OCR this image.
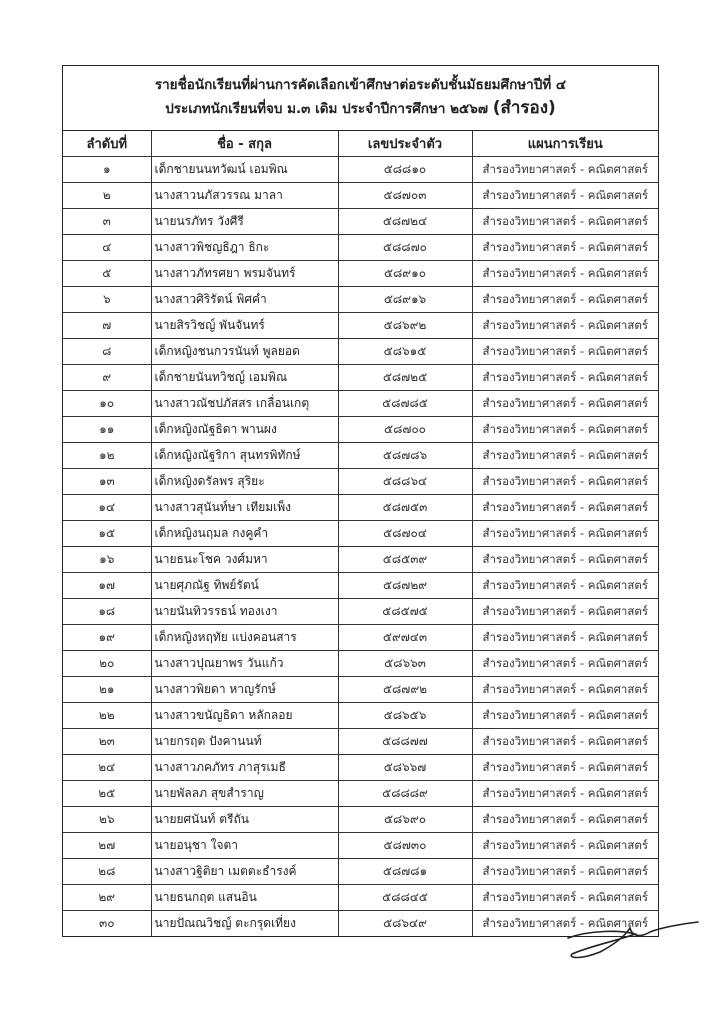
รายชื่อนักเรียนที่ผ่านการคัดเลือกเข้าศึกษาต่อระดับชั้นมัธยมศึกษาปีที่ ๔
ประเภทนักเรียนที่จบ ม.๓ เดิม ประจำปีการศึกษา ๒๕๖๗ (สำรอง)
ลำดับที่	ชื่อ - สกุล	เลขประจำตัว	แผนการเรียน
๑	เด็กชายนนทวัฒน์ เอมพิณ	๕๘๘๑๐	สำรองวิทยาศาสตร์ - คณิตศาสตร์
๒	นางสาวนภัสวรรณ มาลา	๕๘๗๐๓	สำรองวิทยาศาสตร์ - คณิตศาสตร์
๓	นายนรภัทร วังศีรี	๕๘๗๒๔	สำรองวิทยาศาสตร์ - คณิตศาสตร์
๔	นางสาวพิชญธิฎา ธิกะ	๕๘๘๗๐	สำรองวิทยาศาสตร์ - คณิตศาสตร์
๕	นางสาวภัทรศยา พรมจันทร์	๕๘๙๑๐	สำรองวิทยาศาสตร์ - คณิตศาสตร์
๖	นางสาวศิริรัตน์ พิศคำ	๕๘๙๑๖	สำรองวิทยาศาสตร์ - คณิตศาสตร์
๗	นายสิรวิชญ์ พันจันทร์	๕๘๖๙๒	สำรองวิทยาศาสตร์ - คณิตศาสตร์
๘	เด็กหญิงชนกวรนันท์ พูลยอด	๕๘๖๑๕	สำรองวิทยาศาสตร์ - คณิตศาสตร์
๙	เด็กชายนันทวิชญ์ เอมพิณ	๕๘๗๒๕	สำรองวิทยาศาสตร์ - คณิตศาสตร์
๑๐	นางสาวณัชปภัสสร เกลื่อนเกตุ	๕๘๗๘๕	สำรองวิทยาศาสตร์ - คณิตศาสตร์
๑๑	เด็กหญิงณัฐธิดา พานผง	๕๘๗๐๐	สำรองวิทยาศาสตร์ - คณิตศาสตร์
๑๒	เด็กหญิงณัฐริกา สุนทรพิทักษ์	๕๘๗๘๖	สำรองวิทยาศาสตร์ - คณิตศาสตร์
๑๓	เด็กหญิงดรัลพร สุริยะ	๕๘๘๖๔	สำรองวิทยาศาสตร์ - คณิตศาสตร์
๑๔	นางสาวสุนันท์ษา เทียมเพ็ง	๕๘๗๕๓	สำรองวิทยาศาสตร์ - คณิตศาสตร์
๑๕	เด็กหญิงนฤมล กงคูคำ	๕๘๗๐๔	สำรองวิทยาศาสตร์ - คณิตศาสตร์
๑๖	นายธนะโชค วงศ์มหา	๕๘๕๓๙	สำรองวิทยาศาสตร์ - คณิตศาสตร์
๑๗	นายศุภณัฐ ทิพย์รัตน์	๕๘๗๒๙	สำรองวิทยาศาสตร์ - คณิตศาสตร์
๑๘	นายนันทิวรรธน์ ทองเงา	๕๘๕๗๕	สำรองวิทยาศาสตร์ - คณิตศาสตร์
๑๙	เด็กหญิงหฤทัย แบ่งคอนสาร	๕๙๗๔๓	สำรองวิทยาศาสตร์ - คณิตศาสตร์
๒๐	นางสาวปุณยาพร วันแก้ว	๕๘๖๖๓	สำรองวิทยาศาสตร์ - คณิตศาสตร์
๒๑	นางสาวพิยดา หาญรักษ์	๕๘๗๙๒	สำรองวิทยาศาสตร์ - คณิตศาสตร์
๒๒	นางสาวขนัญธิดา หลักลอย	๕๘๖๕๖	สำรองวิทยาศาสตร์ - คณิตศาสตร์
๒๓	นายกรฤต ปังคานนท์	๕๘๘๗๗	สำรองวิทยาศาสตร์ - คณิตศาสตร์
๒๔	นางสาวภคภัทร ภาสุรเมธี	๕๘๖๖๗	สำรองวิทยาศาสตร์ - คณิตศาสตร์
๒๕	นายพัลลภ สุขสำราญ	๕๘๘๘๙	สำรองวิทยาศาสตร์ - คณิตศาสตร์
๒๖	นายยศนันท์ ตรีถัน	๕๘๖๙๐	สำรองวิทยาศาสตร์ - คณิตศาสตร์
๒๗	นายอนุชา ใจตา	๕๘๗๓๐	สำรองวิทยาศาสตร์ - คณิตศาสตร์
๒๘	นางสาวฐิติยา เมตตะธำรงค์	๕๘๗๘๑	สำรองวิทยาศาสตร์ - คณิตศาสตร์
๒๙	นายธนกฤต แสนอิน	๕๘๘๔๕	สำรองวิทยาศาสตร์ - คณิตศาสตร์
๓๐	นายปัณณวิชญ์ ตะกรุดเที่ยง	๕๘๖๔๙	สำรองวิทยาศาสตร์ - คณิตศาสตร์
